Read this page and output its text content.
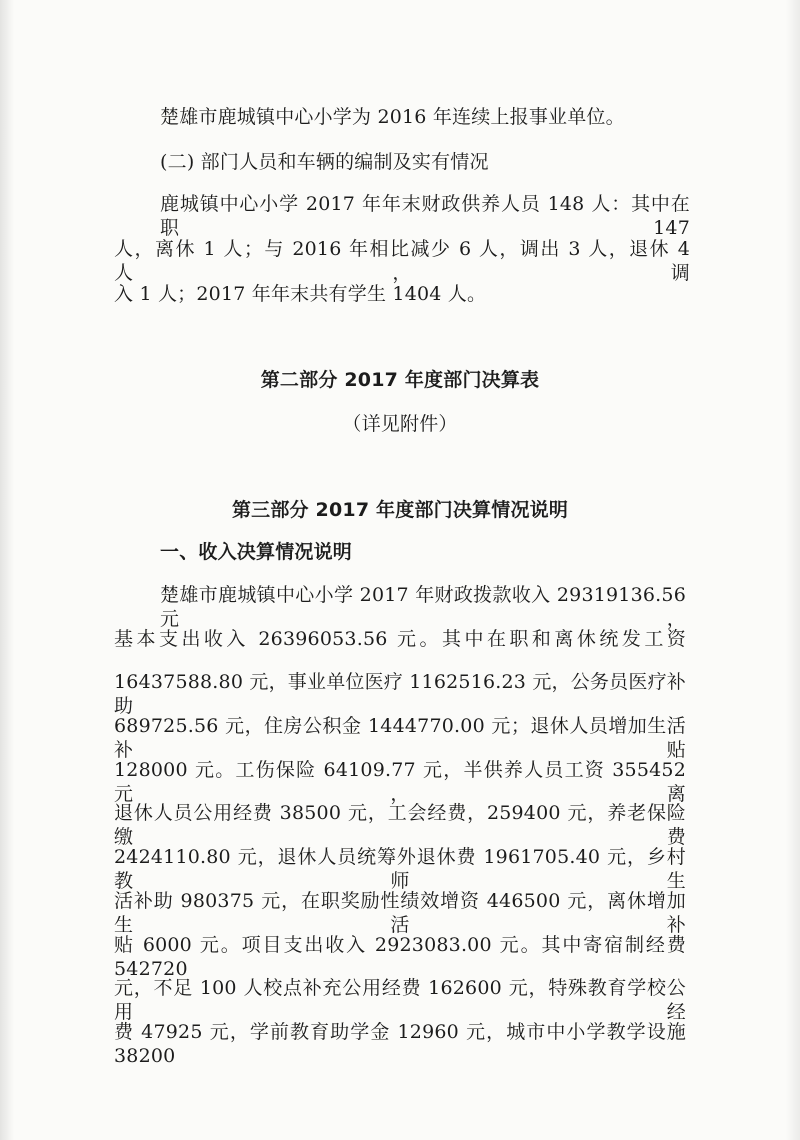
楚雄市鹿城镇中心小学为 2016 年连续上报事业单位。

(二) 部门人员和车辆的编制及实有情况

鹿城镇中心小学 2017 年年末财政供养人员 148 人：其中在职 147

人，离休 1 人；与 2016 年相比减少 6 人，调出 3 人，退休 4 人，调

入 1 人；2017 年年末共有学生 1404 人。

第二部分 2017 年度部门决算表

（详见附件）

第三部分 2017 年度部门决算情况说明

一、收入决算情况说明

楚雄市鹿城镇中心小学 2017 年财政拨款收入 29319136.56 元，

基本支出收入 26396053.56 元。其中在职和离休统发工资

16437588.80 元，事业单位医疗 1162516.23 元，公务员医疗补助

689725.56 元，住房公积金 1444770.00 元；退休人员增加生活补贴

128000 元。工伤保险 64109.77 元，半供养人员工资 355452 元，离

退休人员公用经费 38500 元，工会经费，259400 元，养老保险缴费

2424110.80 元，退休人员统筹外退休费 1961705.40 元，乡村教师生

活补助 980375 元，在职奖励性绩效增资 446500 元，离休增加生活补

贴 6000 元。项目支出收入 2923083.00 元。其中寄宿制经费 542720

元，不足 100 人校点补充公用经费 162600 元，特殊教育学校公用经

费 47925 元，学前教育助学金 12960 元，城市中小学教学设施 38200
